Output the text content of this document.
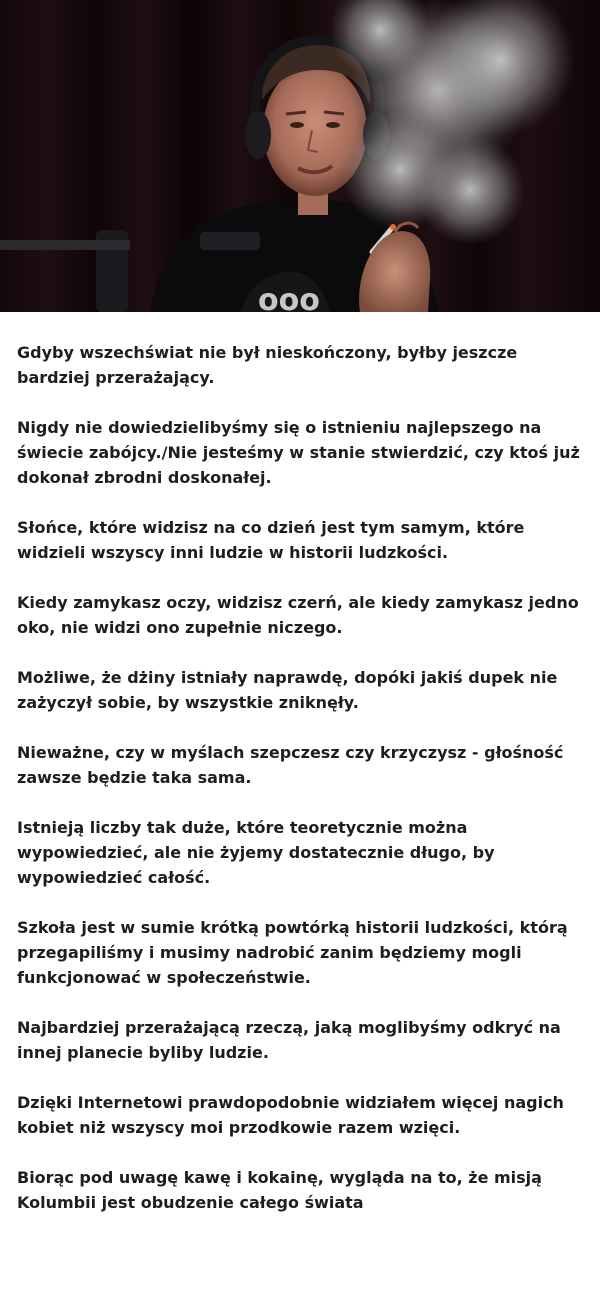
ooo

Gdyby wszechświat nie był nieskończony, byłby jeszcze bardziej przerażający.

Nigdy nie dowiedzielibyśmy się o istnieniu najlepszego na świecie zabójcy./Nie jesteśmy w stanie stwierdzić, czy ktoś już dokonał zbrodni doskonałej.

Słońce, które widzisz na co dzień jest tym samym, które widzieli wszyscy inni ludzie w historii ludzkości.

Kiedy zamykasz oczy, widzisz czerń, ale kiedy zamykasz jedno oko, nie widzi ono zupełnie niczego.

Możliwe, że dżiny istniały naprawdę, dopóki jakiś dupek nie zażyczył sobie, by wszystkie zniknęły.

Nieważne, czy w myślach szepczesz czy krzyczysz - głośność zawsze będzie taka sama.

Istnieją liczby tak duże, które teoretycznie można wypowiedzieć, ale nie żyjemy dostatecznie długo, by wypowiedzieć całość.

Szkoła jest w sumie krótką powtórką historii ludzkości, którą przegapiliśmy i musimy nadrobić zanim będziemy mogli funkcjonować w społeczeństwie.

Najbardziej przerażającą rzeczą, jaką moglibyśmy odkryć na innej planecie byliby ludzie.

Dzięki Internetowi prawdopodobnie widziałem więcej nagich kobiet niż wszyscy moi przodkowie razem wzięci.

Biorąc pod uwagę kawę i kokainę, wygląda na to, że misją Kolumbii jest obudzenie całego świata
